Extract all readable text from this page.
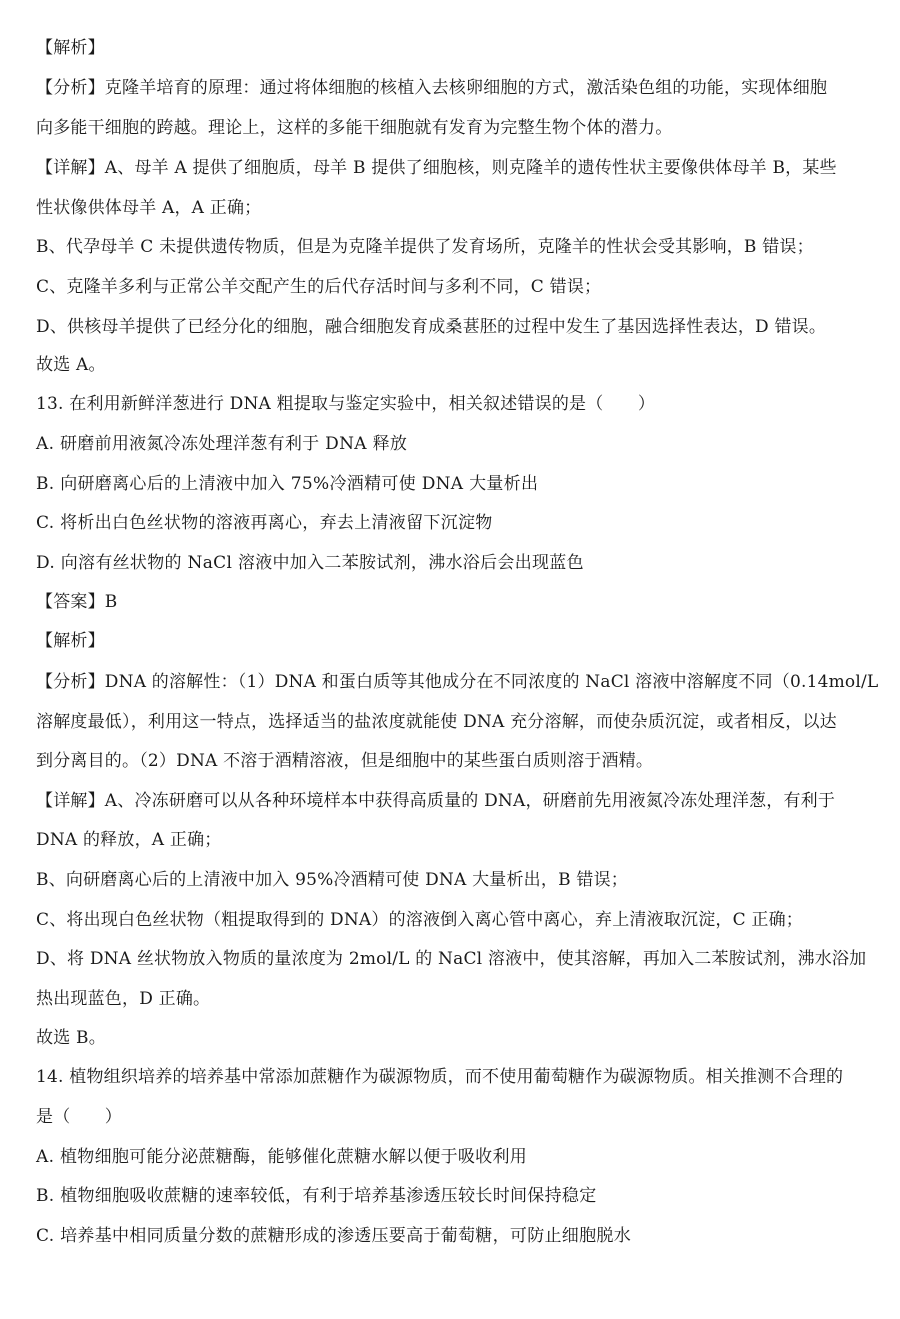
【解析】
【分析】克隆羊培育的原理：通过将体细胞的核植入去核卵细胞的方式，激活染色组的功能，实现体细胞
向多能干细胞的跨越。理论上，这样的多能干细胞就有发育为完整生物个体的潜力。
【详解】A、母羊 A 提供了细胞质，母羊 B 提供了细胞核，则克隆羊的遗传性状主要像供体母羊 B，某些
性状像供体母羊 A，A 正确；
B、代孕母羊 C 未提供遗传物质，但是为克隆羊提供了发育场所，克隆羊的性状会受其影响，B 错误；
C、克隆羊多利与正常公羊交配产生的后代存活时间与多利不同，C 错误；
D、供核母羊提供了已经分化的细胞，融合细胞发育成桑葚胚的过程中发生了基因选择性表达，D 错误。
故选 A。
13. 在利用新鲜洋葱进行 DNA 粗提取与鉴定实验中，相关叙述错误的是（　　）
A. 研磨前用液氮冷冻处理洋葱有利于 DNA 释放
B. 向研磨离心后的上清液中加入 75%冷酒精可使 DNA 大量析出
C. 将析出白色丝状物的溶液再离心，弃去上清液留下沉淀物
D. 向溶有丝状物的 NaCl 溶液中加入二苯胺试剂，沸水浴后会出现蓝色
【答案】B
【解析】
【分析】DNA 的溶解性：（1）DNA 和蛋白质等其他成分在不同浓度的 NaCl 溶液中溶解度不同（0.14mol/L
溶解度最低），利用这一特点，选择适当的盐浓度就能使 DNA 充分溶解，而使杂质沉淀，或者相反，以达
到分离目的。（2）DNA 不溶于酒精溶液，但是细胞中的某些蛋白质则溶于酒精。
【详解】A、冷冻研磨可以从各种环境样本中获得高质量的 DNA，研磨前先用液氮冷冻处理洋葱，有利于
DNA 的释放，A 正确；
B、向研磨离心后的上清液中加入 95%冷酒精可使 DNA 大量析出，B 错误；
C、将出现白色丝状物（粗提取得到的 DNA）的溶液倒入离心管中离心，弃上清液取沉淀，C 正确；
D、将 DNA 丝状物放入物质的量浓度为 2mol/L 的 NaCl 溶液中，使其溶解，再加入二苯胺试剂，沸水浴加
热出现蓝色，D 正确。
故选 B。
14. 植物组织培养的培养基中常添加蔗糖作为碳源物质，而不使用葡萄糖作为碳源物质。相关推测不合理的
是（　　）
A. 植物细胞可能分泌蔗糖酶，能够催化蔗糖水解以便于吸收利用
B. 植物细胞吸收蔗糖的速率较低，有利于培养基渗透压较长时间保持稳定
C. 培养基中相同质量分数的蔗糖形成的渗透压要高于葡萄糖，可防止细胞脱水
